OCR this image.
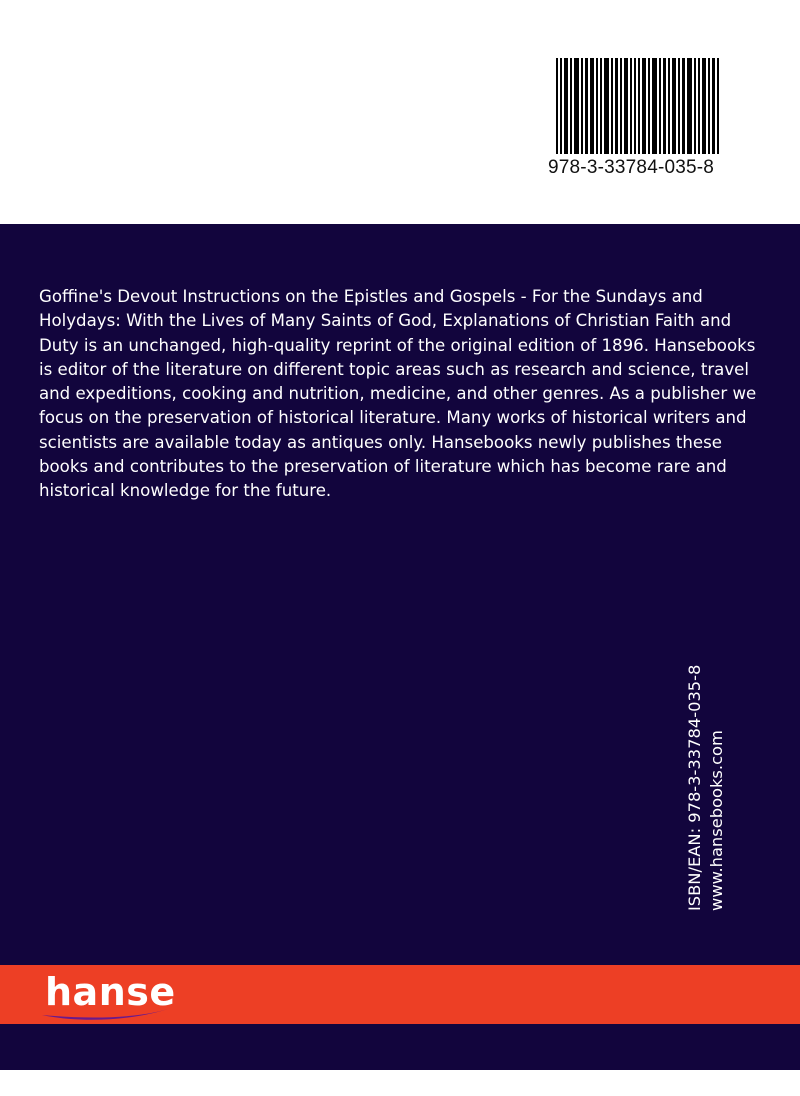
978-3-33784-035-8

Goffine's Devout Instructions on the Epistles and Gospels - For the Sundays and Holydays: With the Lives of Many Saints of God, Explanations of Christian Faith and Duty is an unchanged, high-quality reprint of the original edition of 1896. Hansebooks is editor of the literature on different topic areas such as research and science, travel and expeditions, cooking and nutrition, medicine, and other genres. As a publisher we focus on the preservation of historical literature. Many works of historical writers and scientists are available today as antiques only. Hansebooks newly publishes these books and contributes to the preservation of literature which has become rare and historical knowledge for the future.

ISBN/EAN: 978-3-33784-035-8 www.hansebooks.com
hanse
